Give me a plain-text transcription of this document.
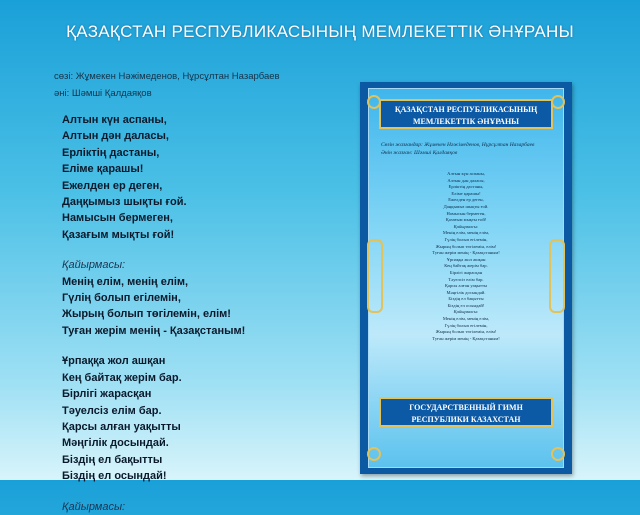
ҚАЗАҚСТАН РЕСПУБЛИКАСЫНЫҢ МЕМЛЕКЕТТІК ӘНҰРАНЫ
сөзі: Жұмекен Нәжімеденов, Нұрсұлтан Назарбаев
әні: Шәмші Қалдаяқов
Алтын күн аспаны,
Алтын дән даласы,
Ерліктің дастаны,
Еліме қарашы!
Ежелден ер деген,
Даңқымыз шықты ғой.
Намысын бермеген,
Қазағым мықты ғой!
Қайырмасы:
Менің елім, менің елім,
Гүлің болып егілемін,
Жырың болып төгілемін, елім!
Туған жерім менің - Қазақстаным!
Ұрпаққа жол ашқан
Кең байтақ жерім бар.
Бірлігі жарасқан
Тәуелсіз елім бар.
Қарсы алған уақытты
Мәңгілік досындай.
Біздің ел бақытты
Біздің ел осындай!
Қайырмасы:
ҚАЗАҚСТАН РЕСПУБЛИКАСЫНЫҢ МЕМЛЕКЕТТІК ӘНҰРАНЫ
Сөзін жазғандар: Жұмекен Нәжімеденов, Нұрсұлтан Назарбаев
Әнін жазған: Шәмші Қалдаяқов
Алтын күн аспаны,
Алтын дән даласы,
Ерліктің дастаны,
Еліме қарашы!
Ежелден ер деген,
Даңқымыз шықты ғой.
Намысын бермеген,
Қазағым мықты ғой!
Қайырмасы:
Менің елім, менің елім,
Гүлің болып егілемін,
Жырың болып төгілемін, елім!
Туған жерім менің - Қазақстаным!
Ұрпаққа жол ашқан
Кең байтақ жерім бар.
Бірлігі жарасқан
Тәуелсіз елім бар.
Қарсы алған уақытты
Мәңгілік досындай.
Біздің ел бақытты
Біздің ел осындай!
Қайырмасы:
Менің елім, менің елім,
Гүлің болып егілемін,
Жырың болып төгілемін, елім!
Туған жерім менің - Қазақстаным!
ГОСУДАРСТВЕННЫЙ ГИМН РЕСПУБЛИКИ КАЗАХСТАН
